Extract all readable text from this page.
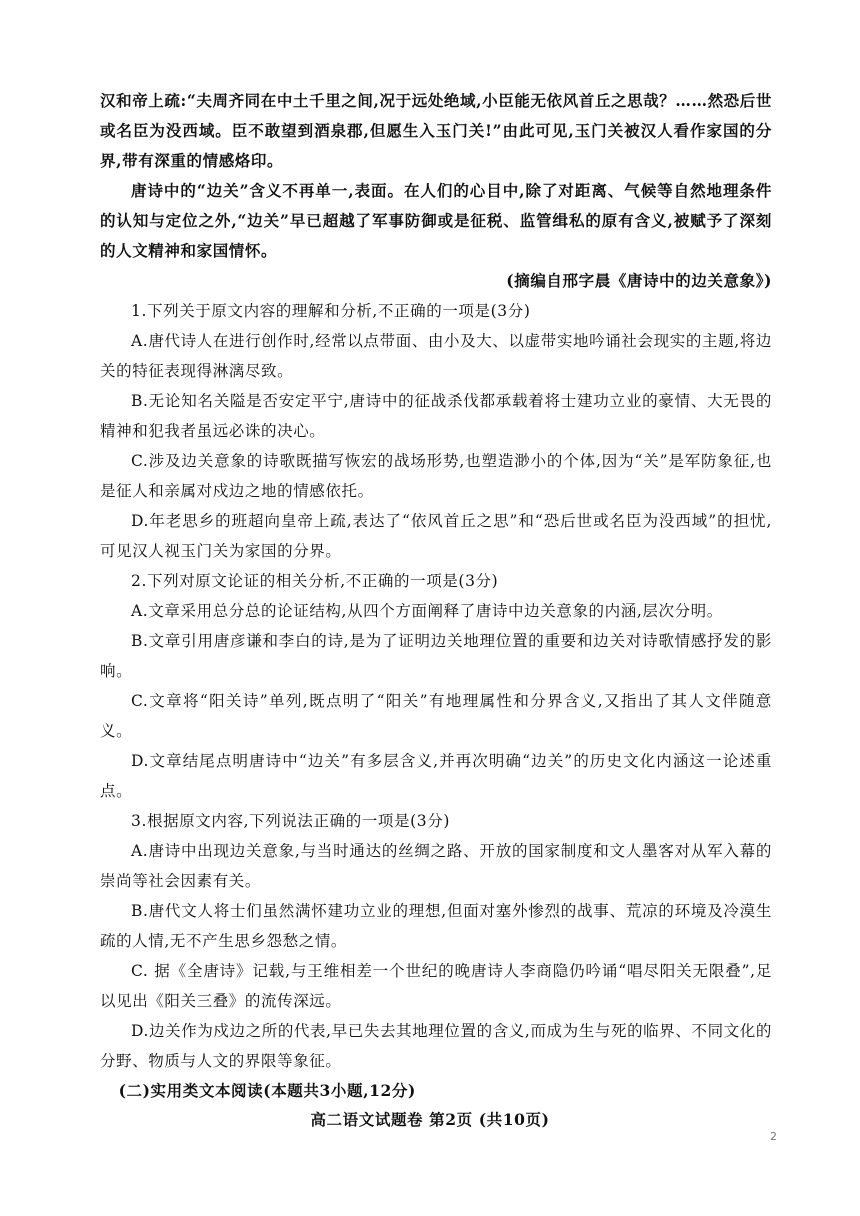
汉和帝上疏:“夫周齐同在中土千里之间,况于远处绝域,小臣能无依风首丘之思哉？……然恐后世或名臣为没西域。臣不敢望到酒泉郡,但愿生入玉门关!”由此可见,玉门关被汉人看作家国的分界,带有深重的情感烙印。

唐诗中的“边关”含义不再单一,表面。在人们的心目中,除了对距离、气候等自然地理条件的认知与定位之外,“边关”早已超越了军事防御或是征税、监管缉私的原有含义,被赋予了深刻的人文精神和家国情怀。

(摘编自邢字晨《唐诗中的边关意象》)

1.下列关于原文内容的理解和分析,不正确的一项是(3分)

A.唐代诗人在进行创作时,经常以点带面、由小及大、以虚带实地吟诵社会现实的主题,将边关的特征表现得淋漓尽致。

B.无论知名关隘是否安定平宁,唐诗中的征战杀伐都承载着将士建功立业的豪情、大无畏的精神和犯我者虽远必诛的决心。

C.涉及边关意象的诗歌既描写恢宏的战场形势,也塑造渺小的个体,因为“关”是军防象征,也是征人和亲属对戍边之地的情感依托。

D.年老思乡的班超向皇帝上疏,表达了“依风首丘之思”和“恐后世或名臣为没西域”的担忧,可见汉人视玉门关为家国的分界。

2.下列对原文论证的相关分析,不正确的一项是(3分)

A.文章采用总分总的论证结构,从四个方面阐释了唐诗中边关意象的内涵,层次分明。

B.文章引用唐彦谦和李白的诗,是为了证明边关地理位置的重要和边关对诗歌情感抒发的影响。

C.文章将“阳关诗”单列,既点明了“阳关”有地理属性和分界含义,又指出了其人文伴随意义。

D.文章结尾点明唐诗中“边关”有多层含义,并再次明确“边关”的历史文化内涵这一论述重点。

3.根据原文内容,下列说法正确的一项是(3分)

A.唐诗中出现边关意象,与当时通达的丝绸之路、开放的国家制度和文人墨客对从军入幕的崇尚等社会因素有关。

B.唐代文人将士们虽然满怀建功立业的理想,但面对塞外惨烈的战事、荒凉的环境及冷漠生疏的人情,无不产生思乡怨愁之情。

C. 据《全唐诗》记载,与王维相差一个世纪的晚唐诗人李商隐仍吟诵“唱尽阳关无限叠”,足以见出《阳关三叠》的流传深远。

D.边关作为戍边之所的代表,早已失去其地理位置的含义,而成为生与死的临界、不同文化的分野、物质与人文的界限等象征。

(二)实用类文本阅读(本题共3小题,12分)

高二语文试题卷 第2页 (共10页)
2
